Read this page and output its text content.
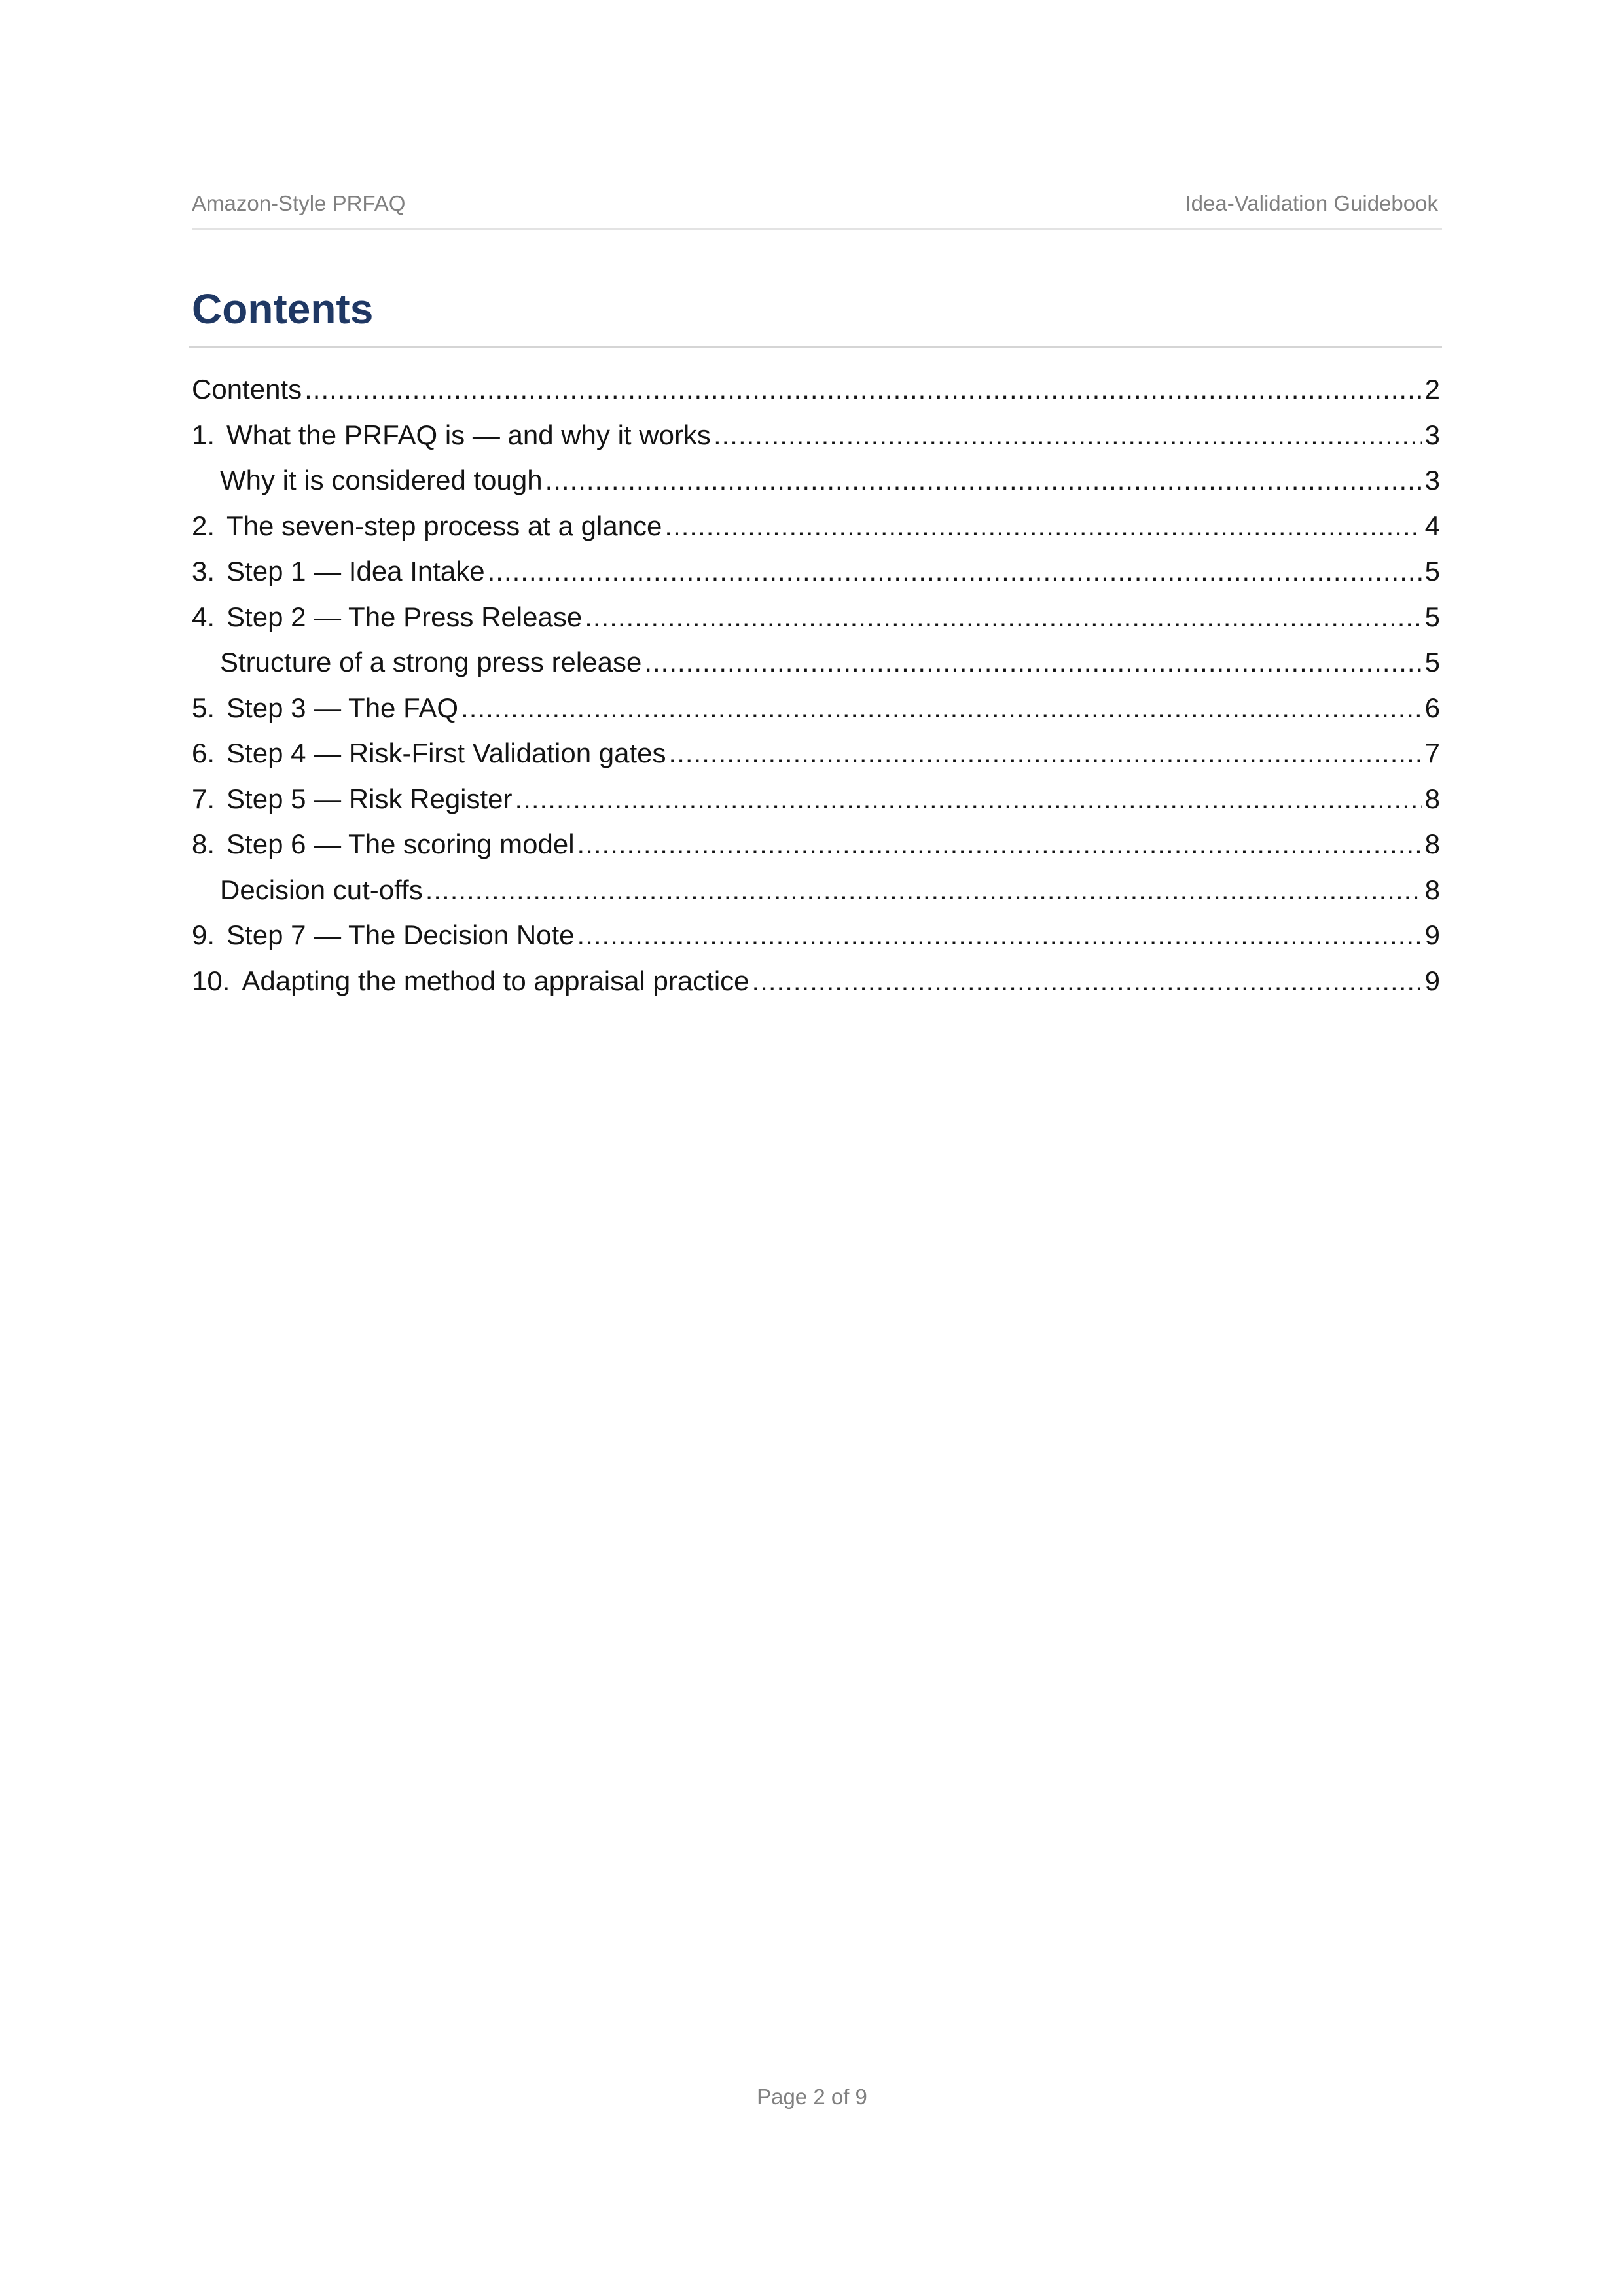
Amazon-Style PRFAQ	Idea-Validation Guidebook
Contents
Contents .....	2
1. What the PRFAQ is — and why it works .....	3
Why it is considered tough .....	3
2. The seven-step process at a glance .....	4
3. Step 1 — Idea Intake .....	5
4. Step 2 — The Press Release .....	5
Structure of a strong press release .....	5
5. Step 3 — The FAQ .....	6
6. Step 4 — Risk-First Validation gates .....	7
7. Step 5 — Risk Register .....	8
8. Step 6 — The scoring model .....	8
Decision cut-offs .....	8
9. Step 7 — The Decision Note .....	9
10. Adapting the method to appraisal practice .....	9
Page 2 of 9
